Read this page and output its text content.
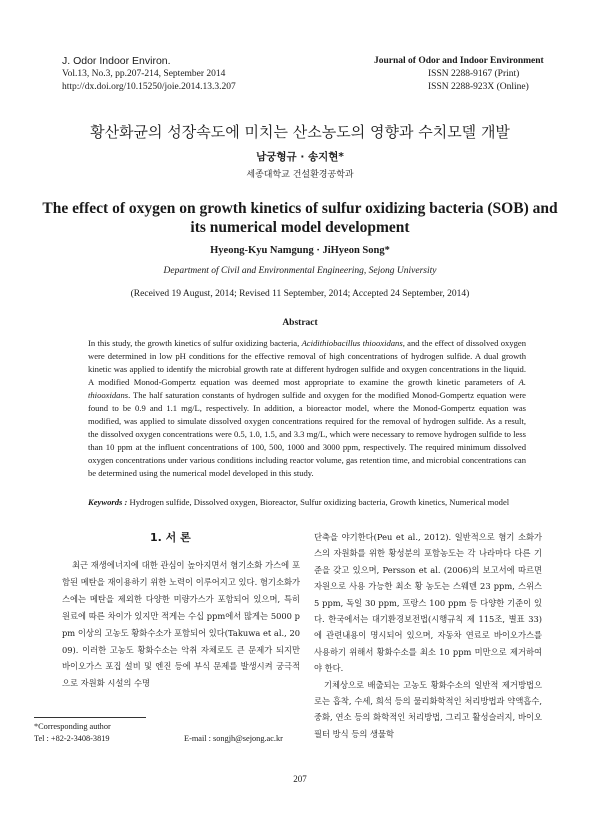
J. Odor Indoor Environ.
Vol.13, No.3, pp.207-214, September 2014
http://dx.doi.org/10.15250/joie.2014.13.3.207
Journal of Odor and Indoor Environment
ISSN 2288-9167 (Print)
ISSN 2288-923X (Online)
황산화균의 성장속도에 미치는 산소농도의 영향과 수치모델 개발
남궁형규 · 송지현*
세종대학교 건설환경공학과
The effect of oxygen on growth kinetics of sulfur oxidizing bacteria (SOB) and its numerical model development
Hyeong-Kyu Namgung · JiHyeon Song*
Department of Civil and Environmental Engineering, Sejong University
(Received 19 August, 2014; Revised 11 September, 2014; Accepted 24 September, 2014)
Abstract
In this study, the growth kinetics of sulfur oxidizing bacteria, Acidithiobacillus thiooxidans, and the effect of dissolved oxygen were determined in low pH conditions for the effective removal of high concentrations of hydrogen sulfide. A dual growth kinetic was applied to identify the microbial growth rate at different hydrogen sulfide and oxygen concentrations in the liquid. A modified Monod-Gompertz equation was deemed most appropriate to examine the growth kinetic parameters of A. thiooxidans. The half saturation constants of hydrogen sulfide and oxygen for the modified Monod-Gompertz equation were found to be 0.9 and 1.1 mg/L, respectively. In addition, a bioreactor model, where the Monod-Gompertz equation was modified, was applied to simulate dissolved oxygen concentrations required for the removal of hydrogen sulfide. As a result, the dissolved oxygen concentrations were 0.5, 1.0, 1.5, and 3.3 mg/L, which were necessary to remove hydrogen sulfide to less than 10 ppm at the influent concentrations of 100, 500, 1000 and 3000 ppm, respectively. The required minimum dissolved oxygen concentrations under various conditions including reactor volume, gas retention time, and microbial concentrations can be determined using the numerical model developed in this study.
Keywords : Hydrogen sulfide, Dissolved oxygen, Bioreactor, Sulfur oxidizing bacteria, Growth kinetics, Numerical model
1. 서 론

최근 재생에너지에 대한 관심이 높아지면서 혐기소화 가스에 포함된 메탄을 재이용하기 위한 노력이 이루어지고 있다. 혐기소화가스에는 메탄을 제외한 다양한 미량가스가 포함되어 있으며, 특히 원료에 따른 차이가 있지만 적게는 수십 ppm에서 많게는 5000 ppm 이상의 고농도 황화수소가 포함되어 있다(Takuwa et al., 2009). 이러한 고농도 황화수소는 악취 자체로도 큰 문제가 되지만 바이오가스 포집 설비 및 엔진 등에 부식 문제를 발생시켜 궁극적으로 자원화 시설의 수명

단축을 야기한다(Peu et al., 2012). 일반적으로 혐기 소화가스의 자원화를 위한 황성분의 포함농도는 각 나라마다 다른 기준을 갖고 있으며, Persson et al. (2006)의 보고서에 따르면 자원으로 사용 가능한 최소 황 농도는 스웨덴 23 ppm, 스위스 5 ppm, 독일 30 ppm, 프랑스 100 ppm 등 다양한 기준이 있다. 한국에서는 대기환경보전법(시행규칙 제 115조, 별표 33)에 관련내용이 명시되어 있으며, 자동차 연료로 바이오가스를 사용하기 위해서 황화수소를 최소 10 ppm 미만으로 제거하여야 한다.

기체상으로 배출되는 고농도 황화수소의 일반적 제거방법으로는 흡착, 수세, 희석 등의 물리화학적인 처리방법과 약액흡수, 중화, 연소 등의 화학적인 처리방법, 그리고 활성슬러지, 바이오필터 방식 등의 생물학

*Corresponding author
Tel : +82-2-3408-3819	E-mail : songjh@sejong.ac.kr
207
